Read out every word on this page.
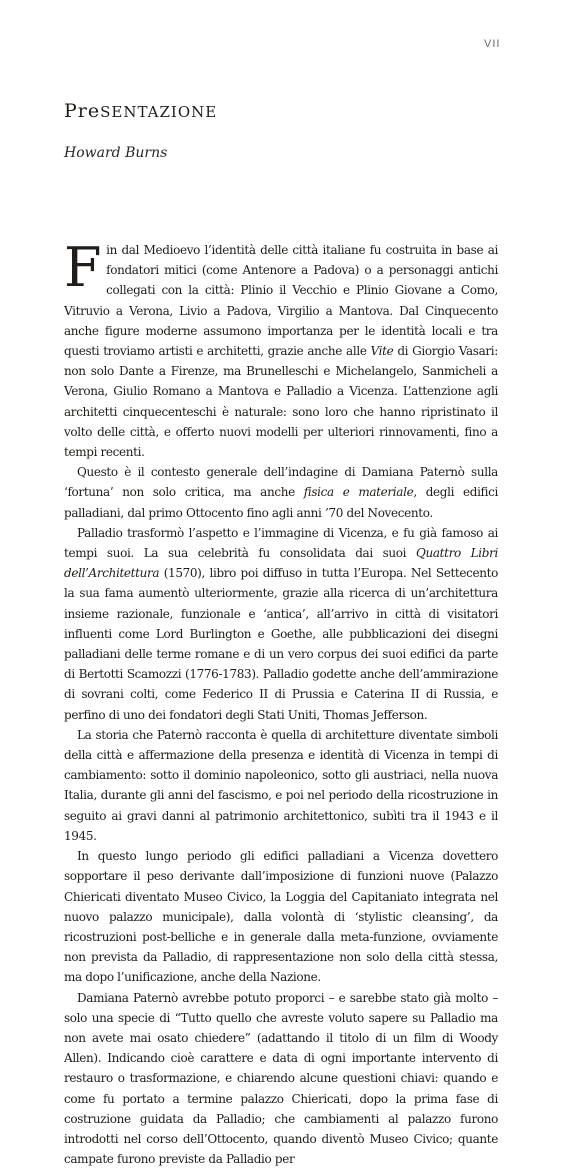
VII
PreSENTAZIONE

Howard Burns

Fin dal Medioevo l’identità delle città italiane fu costruita in base ai fondatori mitici (come Antenore a Padova) o a personaggi antichi collegati con la città: Plinio il Vecchio e Plinio Giovane a Como, Vitruvio a Verona, Livio a Padova, Virgilio a Mantova. Dal Cinquecento anche figure moderne assumono importanza per le identità locali e tra questi troviamo artisti e architetti, grazie anche alle Vite di Giorgio Vasari: non solo Dante a Firenze, ma Brunelleschi e Michelangelo, Sanmicheli a Verona, Giulio Romano a Mantova e Palladio a Vicenza. L’attenzione agli architetti cinquecenteschi è naturale: sono loro che hanno ripristinato il volto delle città, e offerto nuovi modelli per ulteriori rinnovamenti, fino a tempi recenti.

Questo è il contesto generale dell’indagine di Damiana Paternò sulla ‘fortuna’ non solo critica, ma anche fisica e materiale, degli edifici palladiani, dal primo Ottocento fino agli anni ’70 del Novecento.

Palladio trasformò l’aspetto e l’immagine di Vicenza, e fu già famoso ai tempi suoi. La sua celebrità fu consolidata dai suoi Quattro Libri dell’Architettura (1570), libro poi diffuso in tutta l’Europa. Nel Settecento la sua fama aumentò ulteriormente, grazie alla ricerca di un’architettura insieme razionale, funzionale e ‘antica’, all’arrivo in città di visitatori influenti come Lord Burlington e Goethe, alle pubblicazioni dei disegni palladiani delle terme romane e di un vero corpus dei suoi edifici da parte di Bertotti Scamozzi (1776-1783). Palladio godette anche dell’ammirazione di sovrani colti, come Federico II di Prussia e Caterina II di Russia, e perfino di uno dei fondatori degli Stati Uniti, Thomas Jefferson.

La storia che Paternò racconta è quella di architetture diventate simboli della città e affermazione della presenza e identità di Vicenza in tempi di cambiamento: sotto il dominio napoleonico, sotto gli austriaci, nella nuova Italia, durante gli anni del fascismo, e poi nel periodo della ricostruzione in seguito ai gravi danni al patrimonio architettonico, subìti tra il 1943 e il 1945.

In questo lungo periodo gli edifici palladiani a Vicenza dovettero sopportare il peso derivante dall’imposizione di funzioni nuove (Palazzo Chiericati diventato Museo Civico, la Loggia del Capitaniato integrata nel nuovo palazzo municipale), dalla volontà di ‘stylistic cleansing’, da ricostruzioni post-belliche e in generale dalla meta-funzione, ovviamente non prevista da Palladio, di rappresentazione non solo della città stessa, ma dopo l’unificazione, anche della Nazione.

Damiana Paternò avrebbe potuto proporci – e sarebbe stato già molto – solo una specie di “Tutto quello che avreste voluto sapere su Palladio ma non avete mai osato chiedere” (adattando il titolo di un film di Woody Allen). Indicando cioè carattere e data di ogni importante intervento di restauro o trasformazione, e chiarendo alcune questioni chiavi: quando e come fu portato a termine palazzo Chiericati, dopo la prima fase di costruzione guidata da Palladio; che cambiamenti al palazzo furono introdotti nel corso dell’Ottocento, quando diventò Museo Civico; quante campate furono previste da Palladio per
